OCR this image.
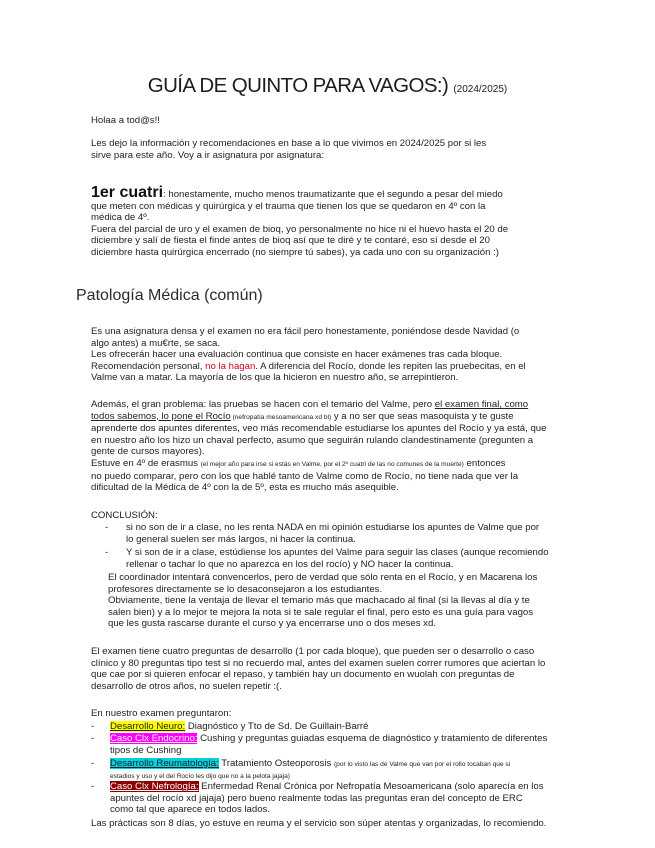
GUÍA DE QUINTO PARA VAGOS:) (2024/2025)
Holaa a tod@s!!
Les dejo la información y recomendaciones en base a lo que vivimos en 2024/2025 por si les
sirve para este año. Voy a ir asignatura por asignatura:
1er cuatri: honestamente, mucho menos traumatizante que el segundo a pesar del miedo
que meten con médicas y quirúrgica y el trauma que tienen los que se quedaron en 4º con la
médica de 4º.
Fuera del parcial de uro y el examen de bioq, yo personalmente no hice ni el huevo hasta el 20 de
diciembre y salí de fiesta el finde antes de bioq así que te diré y te contaré, eso sí desde el 20
diciembre hasta quirúrgica encerrado (no siempre tú sabes), ya cada uno con su organización :)
Patología Médica (común)
Es una asignatura densa y el examen no era fácil pero honestamente, poniéndose desde Navidad (o
algo antes) a mu€rte, se saca.
Les ofrecerán hacer una evaluación continua que consiste en hacer exámenes tras cada bloque.
Recomendación personal, no la hagan. A diferencia del Rocío, donde les repiten las pruebecitas, en el
Valme van a matar. La mayoría de los que la hicieron en nuestro año, se arrepintieron.
Además, el gran problema: las pruebas se hacen con el temario del Valme, pero el examen final, como
todos sabemos, lo pone el Rocío (nefropatía mesoamericana xd bl) y a no ser que seas masoquista y te guste
aprenderte dos apuntes diferentes, veo más recomendable estudiarse los apuntes del Rocío y ya está, que
en nuestro año los hizo un chaval perfecto, asumo que seguirán rulando clandestinamente (pregunten a
gente de cursos mayores).
Estuve en 4º de erasmus (el mejor año para irse si estás en Valme, por el 2º cuatri de las no comunes de la muerte) entonces
no puedo comparar, pero con los que hablé tanto de Valme como de Rocío, no tiene nada que ver la
dificultad de la Médica de 4º con la de 5º, esta es mucho más asequible.
CONCLUSIÓN:
- si no son de ir a clase, no les renta NADA en mi opinión estudiarse los apuntes de Valme que por
lo general suelen ser más largos, ni hacer la continua.
- Y si son de ir a clase, estúdiense los apuntes del Valme para seguir las clases (aunque recomiendo
rellenar o tachar lo que no aparezca en los del rocío) y NO hacer la continua.
El coordinador intentará convencerlos, pero de verdad que sólo renta en el Rocío, y en Macarena los
profesores directamente se lo desaconsejaron a los estudiantes.
Obviamente, tiene la ventaja de llevar el temario más que machacado al final (si la llevas al día y te
salen bien) y a lo mejor te mejora la nota si te sale regular el final, pero esto es una guía para vagos
que les gusta rascarse durante el curso y ya encerrarse uno o dos meses xd.
El examen tiene cuatro preguntas de desarrollo (1 por cada bloque), que pueden ser o desarrollo o caso
clínico y 80 preguntas tipo test si no recuerdo mal, antes del examen suelen correr rumores que aciertan lo
que cae por si quieren enfocar el repaso, y también hay un documento en wuolah con preguntas de
desarrollo de otros años, no suelen repetir :(.
En nuestro examen preguntaron:
- Desarrollo Neuro: Diagnóstico y Tto de Sd. De Guillain-Barré
- Caso Clx Endocrino: Cushing y preguntas guiadas esquema de diagnóstico y tratamiento de diferentes
tipos de Cushing
- Desarrollo Reumatología: Tratamiento Osteoporosis (por lo visto las de Valme que van por el rollo tocaban que si
estadios y uso y el del Rocío les dijo que no a la pelota jajaja)
- Caso Clx Nefrología: Enfermedad Renal Crónica por Nefropatía Mesoamericana (solo aparecía en los
apuntes del rocío xd jajaja) pero bueno realmente todas las preguntas eran del concepto de ERC
como tal que aparece en todos lados.
Las prácticas son 8 días, yo estuve en reuma y el servicio son súper atentas y organizadas, lo recomiendo.
